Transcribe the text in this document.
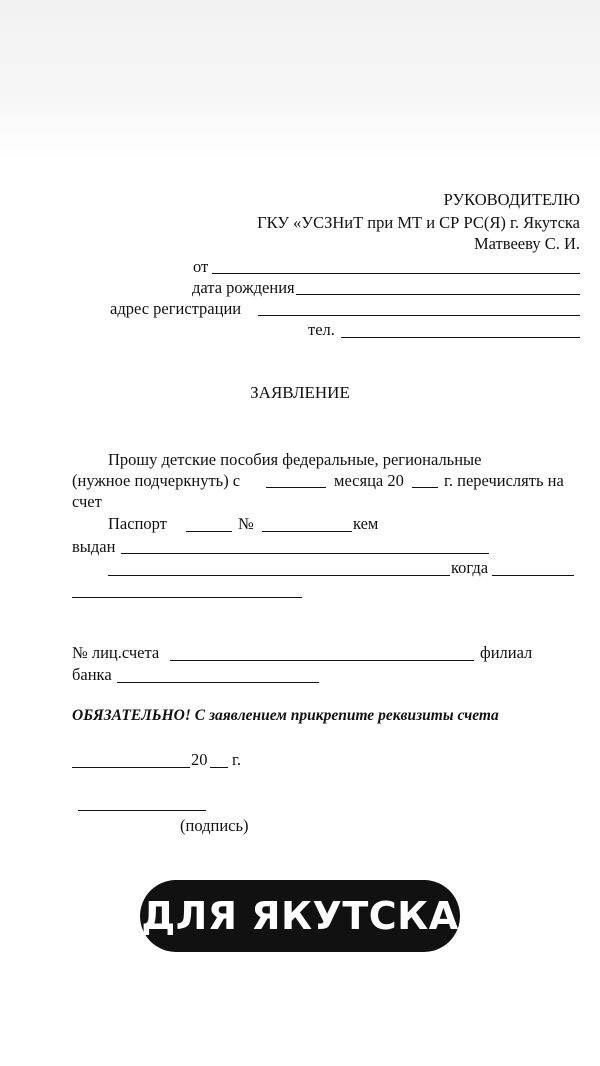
РУКОВОДИТЕЛЮ
ГКУ «УСЗНиТ при МТ и СР РС(Я) г. Якутска
Матвееву С. И.
от
дата рождения
адрес регистрации
тел.
ЗАЯВЛЕНИЕ
Прошу детские пособия федеральные, региональные
(нужное подчеркнуть) с	месяца 20 г. перечислять на
счет
Паспорт	№	кем
выдан
когда
№ лиц.счета	филиал
банка
ОБЯЗАТЕЛЬНО! С заявлением прикрепите реквизиты счета
20 г.
(подпись)
ДЛЯ ЯКУТСКА
